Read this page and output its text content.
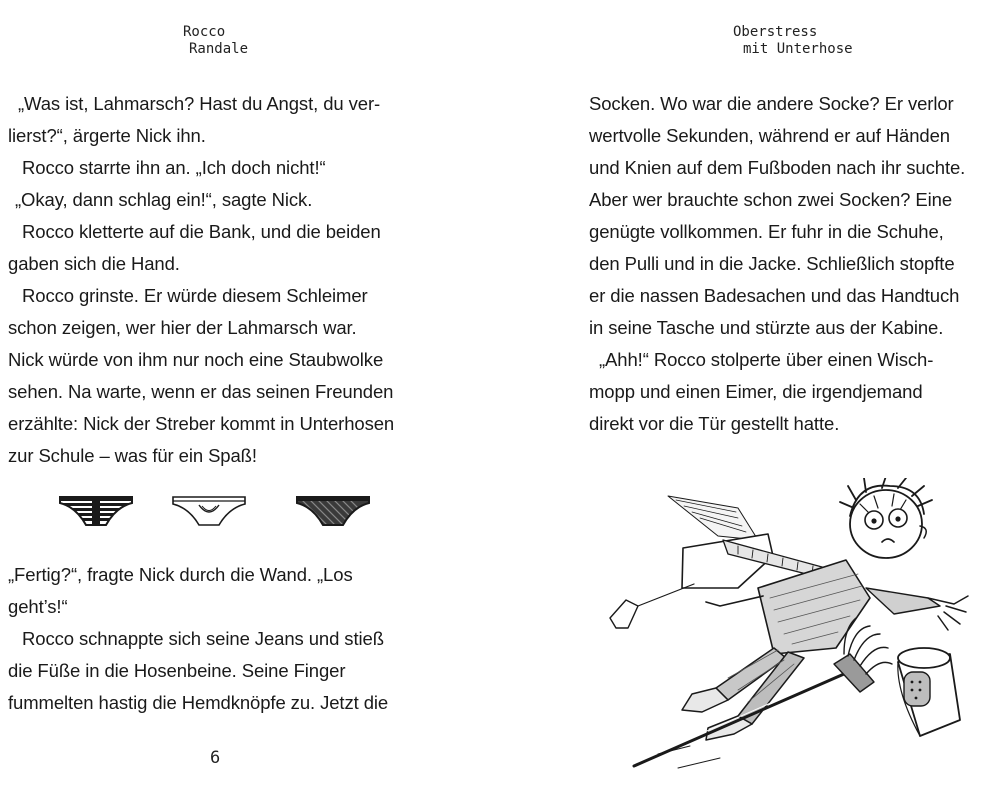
Rocco
Randale
„Was ist, Lahmarsch? Hast du Angst, du ver-
lierst?“, ärgerte Nick ihn.
Rocco starrte ihn an. „Ich doch nicht!“
„Okay, dann schlag ein!“, sagte Nick.
Rocco kletterte auf die Bank, und die beiden
gaben sich die Hand.
Rocco grinste. Er würde diesem Schleimer
schon zeigen, wer hier der Lahmarsch war.
Nick würde von ihm nur noch eine Staubwolke
sehen. Na warte, wenn er das seinen Freunden
erzählte: Nick der Streber kommt in Unterhosen
zur Schule – was für ein Spaß!
„Fertig?“, fragte Nick durch die Wand. „Los
geht’s!“
Rocco schnappte sich seine Jeans und stieß
die Füße in die Hosenbeine. Seine Finger
fummelten hastig die Hemdknöpfe zu. Jetzt die
6
Oberstress
mit Unterhose
Socken. Wo war die andere Socke? Er verlor
wertvolle Sekunden, während er auf Händen
und Knien auf dem Fußboden nach ihr suchte.
Aber wer brauchte schon zwei Socken? Eine
genügte vollkommen. Er fuhr in die Schuhe,
den Pulli und in die Jacke. Schließlich stopfte
er die nassen Badesachen und das Handtuch
in seine Tasche und stürzte aus der Kabine.
„Ahh!“ Rocco stolperte über einen Wisch-
mopp und einen Eimer, die irgendjemand
direkt vor die Tür gestellt hatte.
